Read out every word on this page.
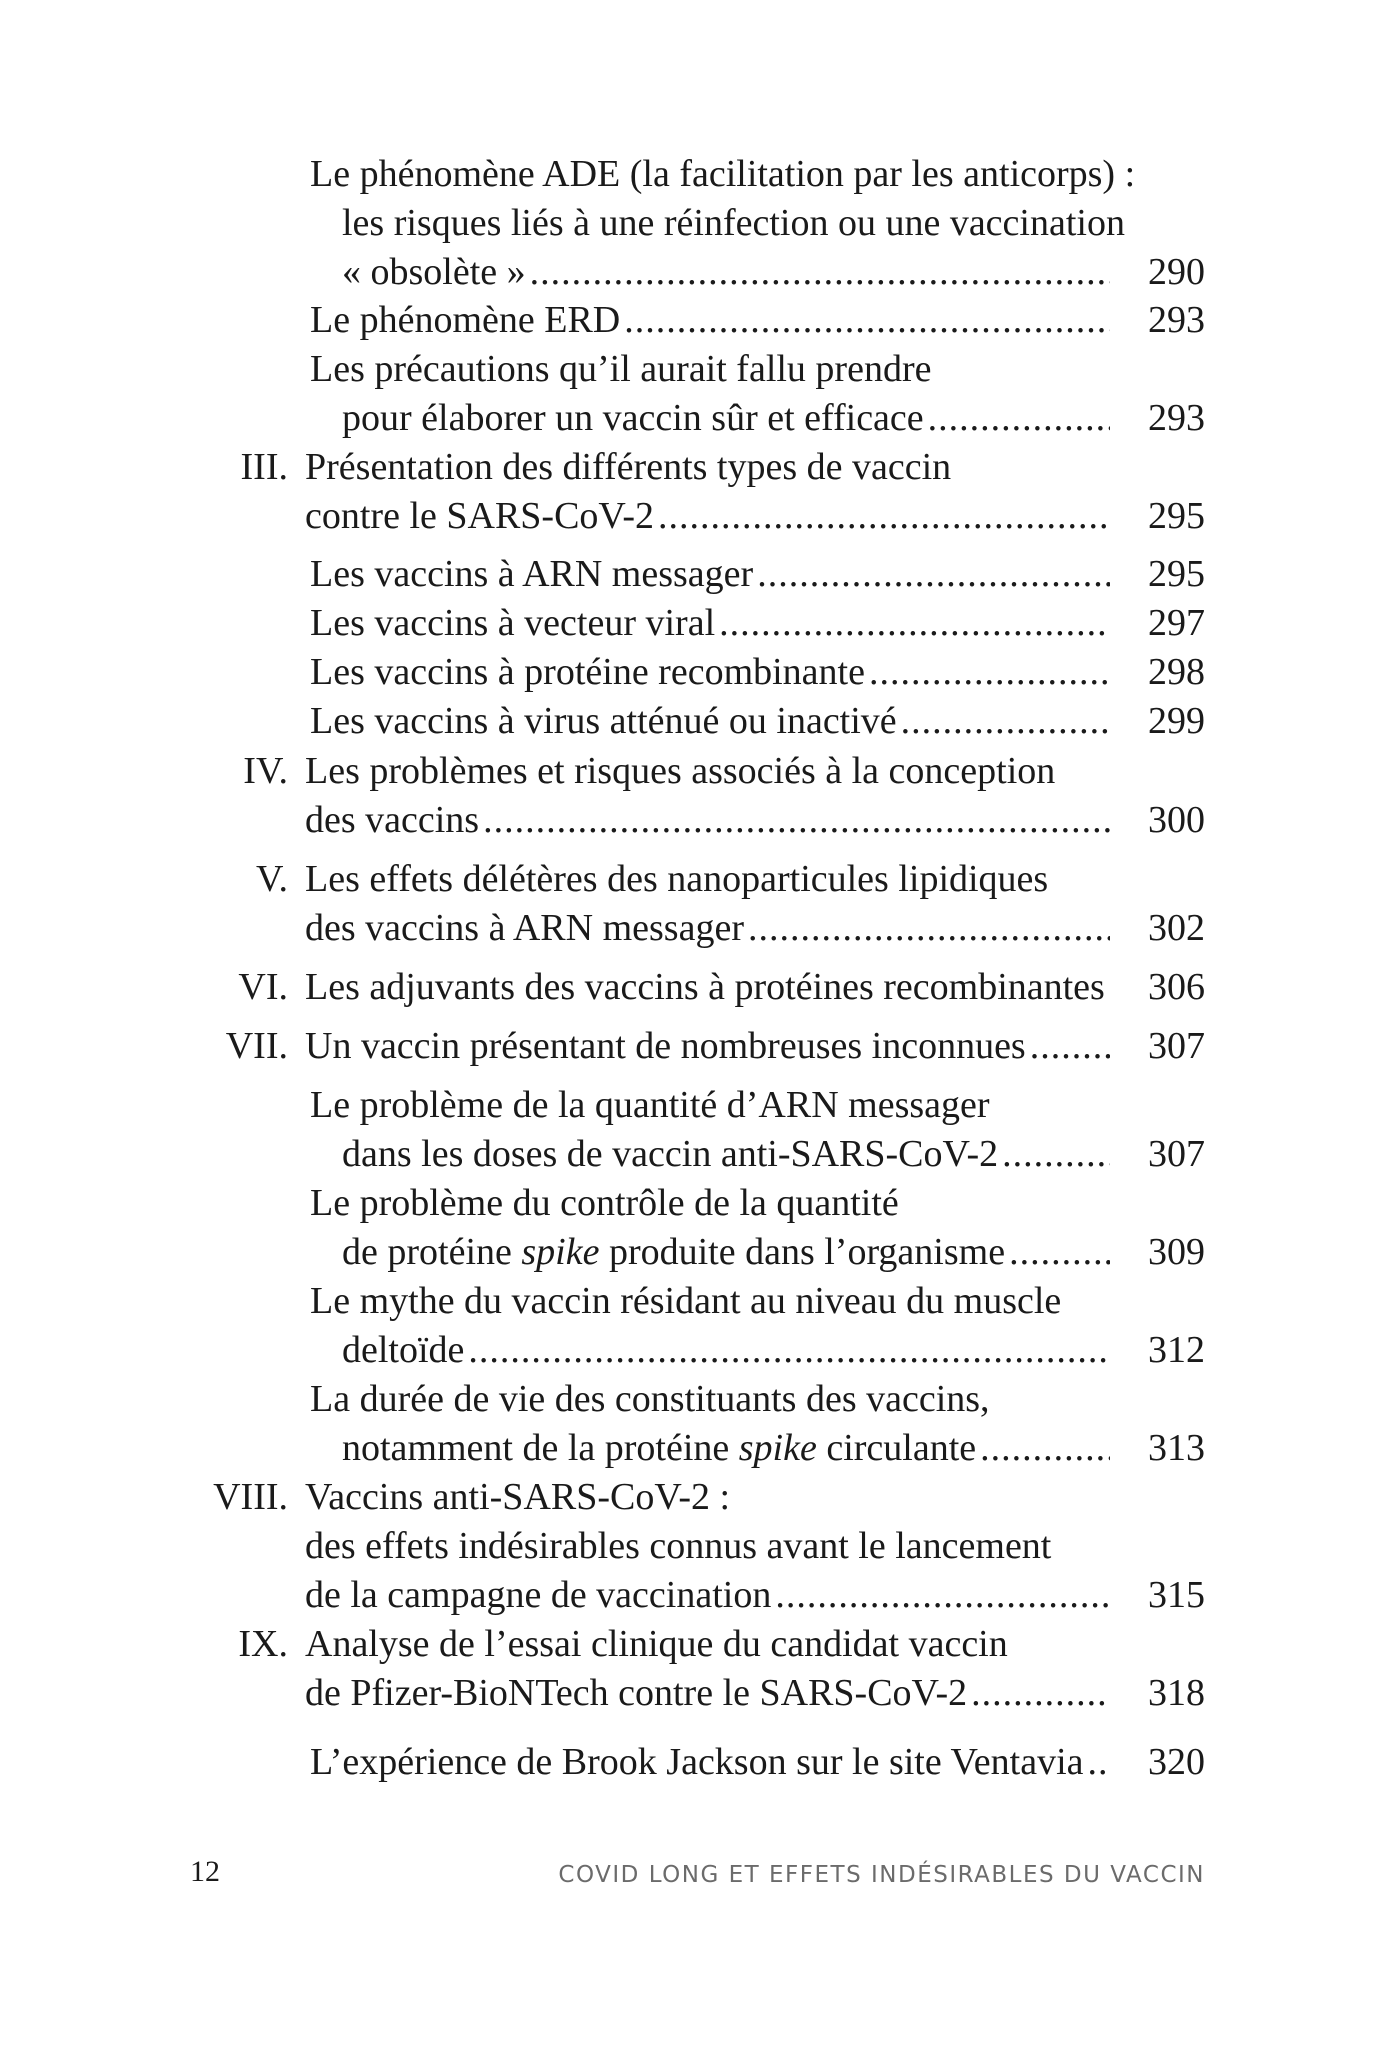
Le phénomène ADE (la facilitation par les anticorps) :
les risques liés à une réinfection ou une vaccination
« obsolète » .....	290
Le phénomène ERD .....	293
Les précautions qu’il aurait fallu prendre
pour élaborer un vaccin sûr et efficace .....	293
III. Présentation des différents types de vaccin
contre le SARS-CoV-2 .....	295
Les vaccins à ARN messager .....	295
Les vaccins à vecteur viral .....	297
Les vaccins à protéine recombinante .....	298
Les vaccins à virus atténué ou inactivé .....	299
IV. Les problèmes et risques associés à la conception
des vaccins .....	300
V. Les effets délétères des nanoparticules lipidiques
des vaccins à ARN messager .....	302
VI. Les adjuvants des vaccins à protéines recombinantes .....	306
VII. Un vaccin présentant de nombreuses inconnues .....	307
Le problème de la quantité d’ARN messager
dans les doses de vaccin anti-SARS-CoV-2 .....	307
Le problème du contrôle de la quantité
de protéine spike produite dans l’organisme .....	309
Le mythe du vaccin résidant au niveau du muscle
deltoïde .....	312
La durée de vie des constituants des vaccins,
notamment de la protéine spike circulante .....	313
VIII. Vaccins anti-SARS-CoV-2 :
des effets indésirables connus avant le lancement
de la campagne de vaccination .....	315
IX. Analyse de l’essai clinique du candidat vaccin
de Pfizer-BioNTech contre le SARS-CoV-2 .....	318
L’expérience de Brook Jackson sur le site Ventavia .....	320
12	COVID LONG ET EFFETS INDÉSIRABLES DU VACCIN
